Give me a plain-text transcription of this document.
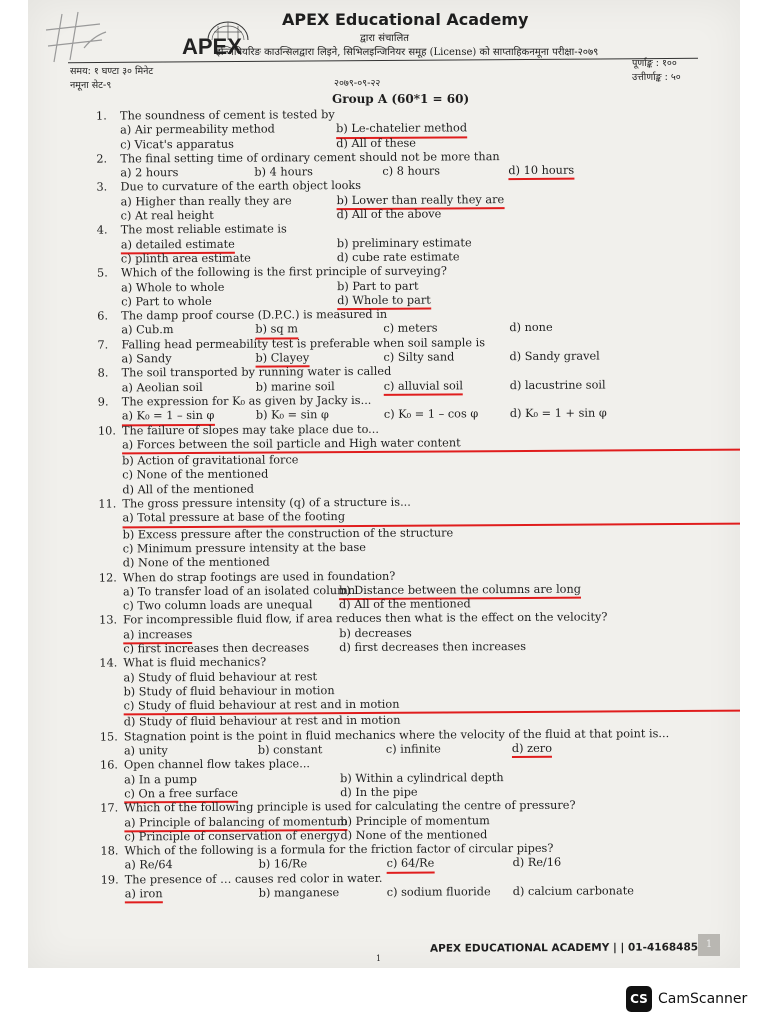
APEX
APEX Educational Academy
द्वारा संचालित
इन्जिनियरिङ काउन्सिलद्वारा लिइने, सिभिलइन्जिनियर समूह (License) को साप्ताहिकनमूना परीक्षा-२०७९
समय: १ घण्टा ३० मिनेट
नमूना सेट-९	२०७९-०९-२२
पूर्णाङ्क : १००
उत्तीर्णाङ्क : ५०
Group A (60*1 = 60)
1. The soundness of cement is tested by
a) Air permeability method	b) Le-chatelier method
c) Vicat's apparatus	d) All of these
2. The final setting time of ordinary cement should not be more than
a) 2 hours	b) 4 hours	c) 8 hours	d) 10 hours
3. Due to curvature of the earth object looks
a) Higher than really they are	b) Lower than really they are
c) At real height	d) All of the above
4. The most reliable estimate is
a) detailed estimate	b) preliminary estimate
c) plinth area estimate	d) cube rate estimate
5. Which of the following is the first principle of surveying?
a) Whole to whole	b) Part to part
c) Part to whole	d) Whole to part
6. The damp proof course (D.P.C.) is measured in
a) Cub.m	b) sq m	c) meters	d) none
7. Falling head permeability test is preferable when soil sample is
a) Sandy	b) Clayey	c) Silty sand	d) Sandy gravel
8. The soil transported by running water is called
a) Aeolian soil	b) marine soil	c) alluvial soil	d) lacustrine soil
9. The expression for K₀ as given by Jacky is...
a) K₀ = 1 – sin φ	b) K₀ = sin φ	c) K₀ = 1 – cos φ	d) K₀ = 1 + sin φ
10. The failure of slopes may take place due to...
a) Forces between the soil particle and High water content
b) Action of gravitational force
c) None of the mentioned
d) All of the mentioned
11. The gross pressure intensity (q) of a structure is...
a) Total pressure at base of the footing
b) Excess pressure after the construction of the structure
c) Minimum pressure intensity at the base
d) None of the mentioned
12. When do strap footings are used in foundation?
a) To transfer load of an isolated column
b) Distance between the columns are long
c) Two column loads are unequal d) All of the mentioned
13. For incompressible fluid flow, if area reduces then what is the effect on the velocity?
a) increases	b) decreases
c) first increases then decreases	d) first decreases then increases
14. What is fluid mechanics?
a) Study of fluid behaviour at rest
b) Study of fluid behaviour in motion
c) Study of fluid behaviour at rest and in motion
d) Study of fluid behaviour at rest and in motion
15. Stagnation point is the point in fluid mechanics where the velocity of the fluid at that point is...
a) unity	b) constant	c) infinite	d) zero
16. Open channel flow takes place...
a) In a pump	b) Within a cylindrical depth
c) On a free surface	d) In the pipe
17. Which of the following principle is used for calculating the centre of pressure?
a) Principle of balancing of momentum
b) Principle of momentum
c) Principle of conservation of energy d) None of the mentioned
18. Which of the following is a formula for the friction factor of circular pipes?
a) Re/64	b) 16/Re	c) 64/Re	d) Re/16
19. The presence of … causes red color in water.
a) iron	b) manganese	c) sodium fluoride d) calcium carbonate
1
APEX EDUCATIONAL ACADEMY | | 01-4168485
1
CS CamScanner
